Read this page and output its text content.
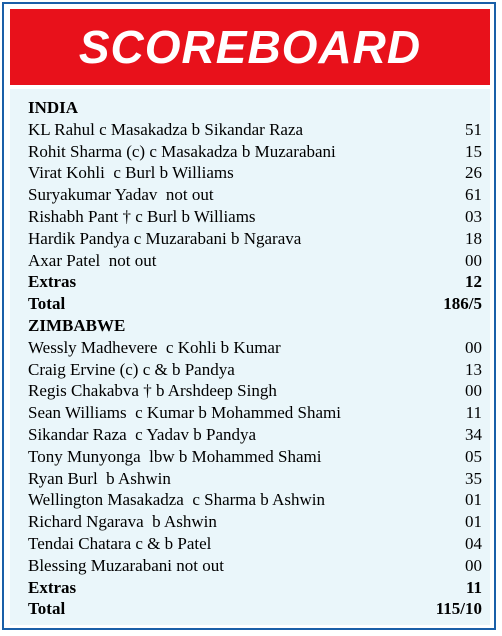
SCOREBOARD
INDIA
KL Rahul c Masakadza b Sikandar Raza	51
Rohit Sharma (c) c Masakadza b Muzarabani	15
Virat Kohli  c Burl b Williams	26
Suryakumar Yadav  not out	61
Rishabh Pant † c Burl b Williams	03
Hardik Pandya c Muzarabani b Ngarava	18
Axar Patel  not out	00
Extras	12
Total	186/5
ZIMBABWE
Wessly Madhevere  c Kohli b Kumar	00
Craig Ervine (c) c & b Pandya	13
Regis Chakabva † b Arshdeep Singh	00
Sean Williams  c Kumar b Mohammed Shami	11
Sikandar Raza  c Yadav b Pandya	34
Tony Munyonga  lbw b Mohammed Shami	05
Ryan Burl  b Ashwin	35
Wellington Masakadza  c Sharma b Ashwin	01
Richard Ngarava  b Ashwin	01
Tendai Chatara c & b Patel	04
Blessing Muzarabani not out	00
Extras	11
Total	115/10
